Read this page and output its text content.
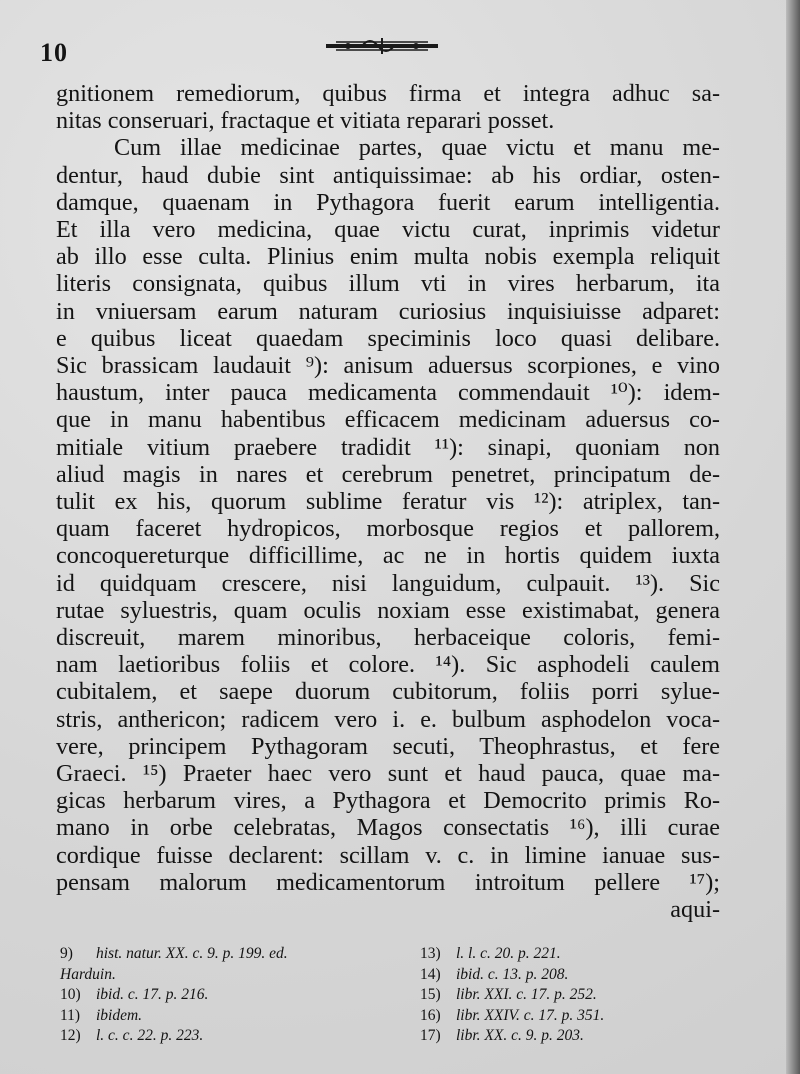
10
gnitionem remediorum, quibus firma et integra adhuc sa-
nitas conseruari, fractaque et vitiata reparari posset.
Cum illae medicinae partes, quae victu et manu me-
dentur, haud dubie sint antiquissimae: ab his ordiar, osten-
damque, quaenam in Pythagora fuerit earum intelligentia.
Et illa vero medicina, quae victu curat, inprimis videtur
ab illo esse culta. Plinius enim multa nobis exempla reliquit
literis consignata, quibus illum vti in vires herbarum, ita
in vniuersam earum naturam curiosius inquisiuisse adparet:
e quibus liceat quaedam speciminis loco quasi delibare.
Sic brassicam laudauit ⁹): anisum aduersus scorpiones, e vino
haustum, inter pauca medicamenta commendauit ¹⁰): idem-
que in manu habentibus efficacem medicinam aduersus co-
mitiale vitium praebere tradidit ¹¹): sinapi, quoniam non
aliud magis in nares et cerebrum penetret, principatum de-
tulit ex his, quorum sublime feratur vis ¹²): atriplex, tan-
quam faceret hydropicos, morbosque regios et pallorem,
concoquereturque difficillime, ac ne in hortis quidem iuxta
id quidquam crescere, nisi languidum, culpauit. ¹³). Sic
rutae syluestris, quam oculis noxiam esse existimabat, genera
discreuit, marem minoribus, herbaceique coloris, femi-
nam laetioribus foliis et colore. ¹⁴). Sic asphodeli caulem
cubitalem, et saepe duorum cubitorum, foliis porri sylue-
stris, anthericon; radicem vero i. e. bulbum asphodelon voca-
vere, principem Pythagoram secuti, Theophrastus, et fere
Graeci. ¹⁵) Praeter haec vero sunt et haud pauca, quae ma-
gicas herbarum vires, a Pythagora et Democrito primis Ro-
mano in orbe celebratas, Magos consectatis ¹⁶), illi curae
cordique fuisse declarent: scillam v. c. in limine ianuae sus-
pensam malorum medicamentorum introitum pellere ¹⁷);
aqui-
9) hist. natur. XX. c. 9. p. 199. ed.
Harduin.
10) ibid. c. 17. p. 216.
11) ibidem.
12) l. c. c. 22. p. 223.
13) l. l. c. 20. p. 221.
14) ibid. c. 13. p. 208.
15) libr. XXI. c. 17. p. 252.
16) libr. XXIV. c. 17. p. 351.
17) libr. XX. c. 9. p. 203.
